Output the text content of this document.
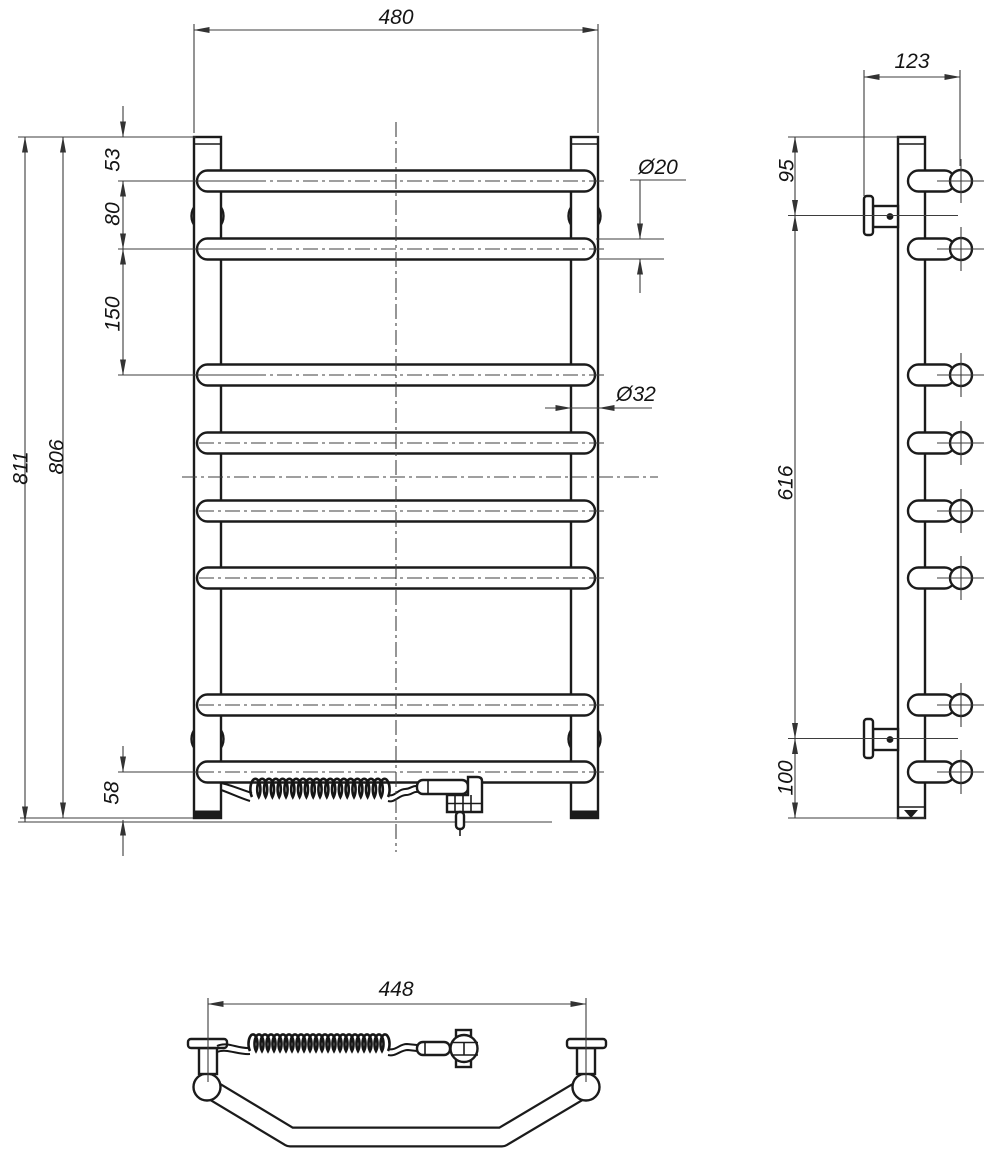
480
811 806
53
80
150
58
Ø20
Ø32
123
95
616
100
448
